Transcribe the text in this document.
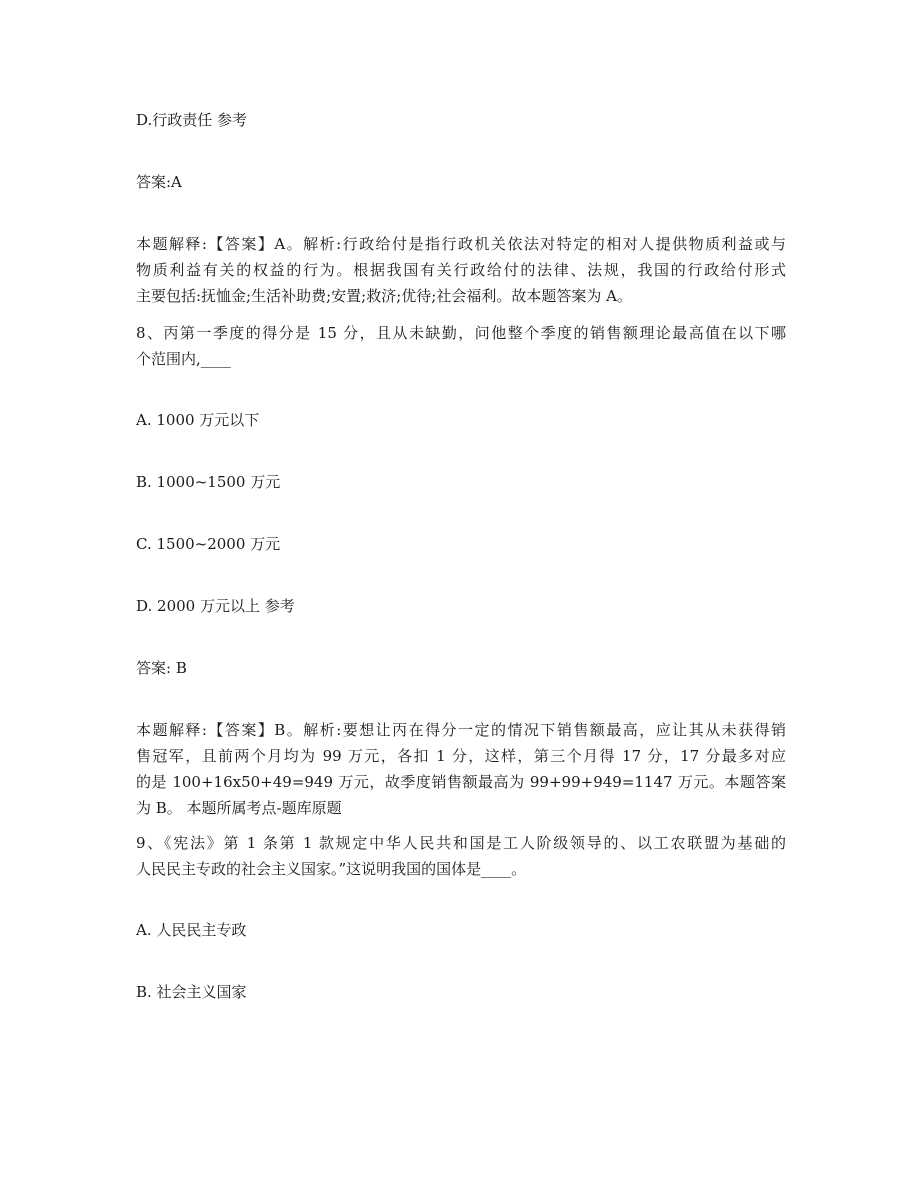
D.行政责任 参考
答案:A
本题解释:【答案】A。解析:行政给付是指行政机关依法对特定的相对人提供物质利益或与
物质利益有关的权益的行为。根据我国有关行政给付的法律、法规，我国的行政给付形式
主要包括:抚恤金;生活补助费;安置;救济;优待;社会福利。故本题答案为 A。
8、丙第一季度的得分是 15 分，且从未缺勤，问他整个季度的销售额理论最高值在以下哪
个范围内,____
A. 1000 万元以下
B. 1000~1500 万元
C. 1500~2000 万元
D. 2000 万元以上 参考
答案: B
本题解释:【答案】B。解析:要想让丙在得分一定的情况下销售额最高，应让其从未获得销
售冠军，且前两个月均为 99 万元，各扣 1 分，这样，第三个月得 17 分，17 分最多对应
的是 100+16x50+49=949 万元，故季度销售额最高为 99+99+949=1147 万元。本题答案
为 B。 本题所属考点-题库原题
9、《宪法》第 1 条第 1 款规定中华人民共和国是工人阶级领导的、以工农联盟为基础的
人民民主专政的社会主义国家。”这说明我国的国体是____。
A. 人民民主专政
B. 社会主义国家
